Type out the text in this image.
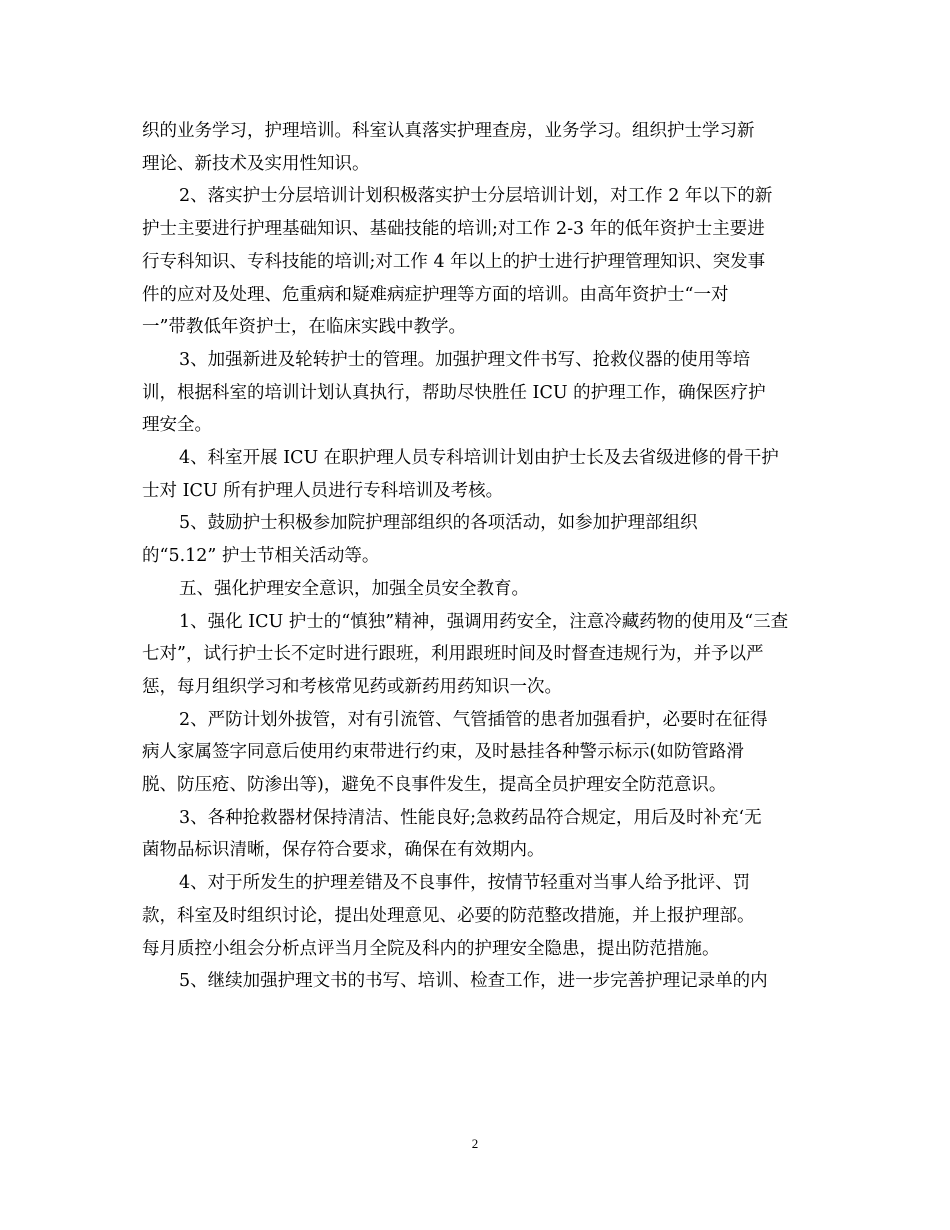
织的业务学习，护理培训。科室认真落实护理查房，业务学习。组织护士学习新
理论、新技术及实用性知识。
2、落实护士分层培训计划积极落实护士分层培训计划，对工作 2 年以下的新
护士主要进行护理基础知识、基础技能的培训;对工作 2-3 年的低年资护士主要进
行专科知识、专科技能的培训;对工作 4 年以上的护士进行护理管理知识、突发事
件的应对及处理、危重病和疑难病症护理等方面的培训。由高年资护士“一对
一”带教低年资护士，在临床实践中教学。
3、加强新进及轮转护士的管理。加强护理文件书写、抢救仪器的使用等培
训，根据科室的培训计划认真执行，帮助尽快胜任 ICU 的护理工作，确保医疗护
理安全。
4、科室开展 ICU 在职护理人员专科培训计划由护士长及去省级进修的骨干护
士对 ICU 所有护理人员进行专科培训及考核。
5、鼓励护士积极参加院护理部组织的各项活动，如参加护理部组织
的“5.12” 护士节相关活动等。
五、强化护理安全意识，加强全员安全教育。
1、强化 ICU 护士的“慎独”精神，强调用药安全，注意冷藏药物的使用及“三查
七对”，试行护士长不定时进行跟班，利用跟班时间及时督查违规行为，并予以严
惩，每月组织学习和考核常见药或新药用药知识一次。
2、严防计划外拔管，对有引流管、气管插管的患者加强看护，必要时在征得
病人家属签字同意后使用约束带进行约束，及时悬挂各种警示标示(如防管路滑
脱、防压疮、防渗出等)，避免不良事件发生，提高全员护理安全防范意识。
3、各种抢救器材保持清洁、性能良好;急救药品符合规定，用后及时补充‘无
菌物品标识清晰，保存符合要求，确保在有效期内。
4、对于所发生的护理差错及不良事件，按情节轻重对当事人给予批评、罚
款，科室及时组织讨论，提出处理意见、必要的防范整改措施，并上报护理部。
每月质控小组会分析点评当月全院及科内的护理安全隐患，提出防范措施。
5、继续加强护理文书的书写、培训、检查工作，进一步完善护理记录单的内
2
